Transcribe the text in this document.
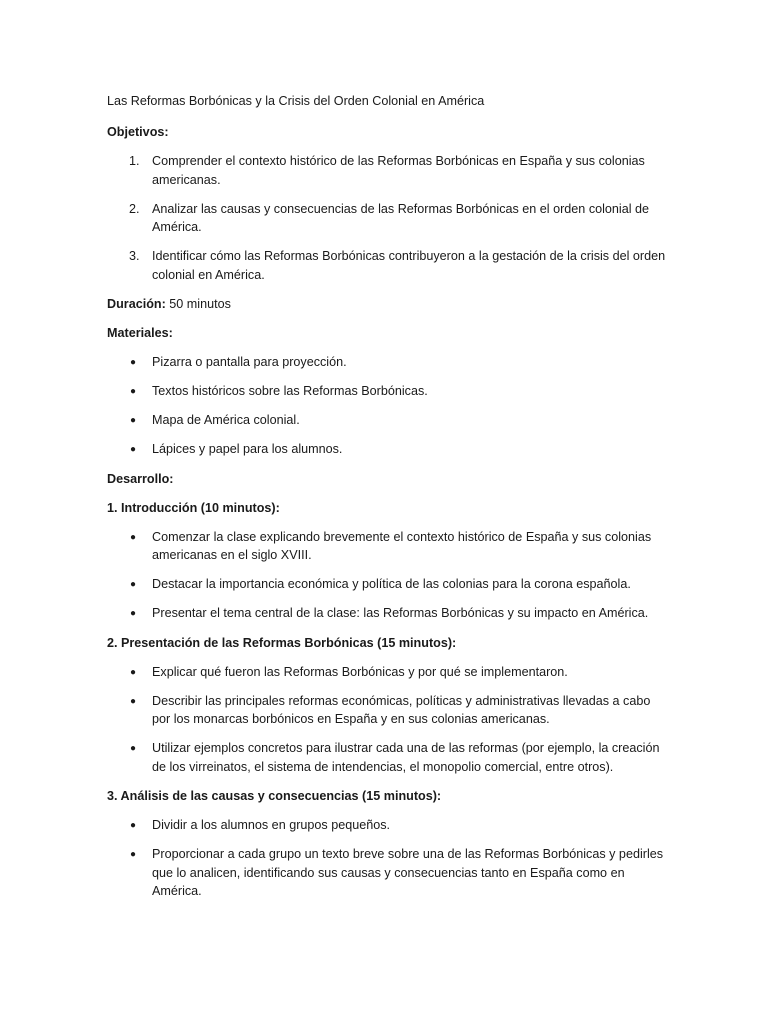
Las Reformas Borbónicas y la Crisis del Orden Colonial en América
Objetivos:
1. Comprender el contexto histórico de las Reformas Borbónicas en España y sus colonias americanas.
2. Analizar las causas y consecuencias de las Reformas Borbónicas en el orden colonial de América.
3. Identificar cómo las Reformas Borbónicas contribuyeron a la gestación de la crisis del orden colonial en América.
Duración: 50 minutos
Materiales:
● Pizarra o pantalla para proyección.
● Textos históricos sobre las Reformas Borbónicas.
● Mapa de América colonial.
● Lápices y papel para los alumnos.
Desarrollo:
1. Introducción (10 minutos):
● Comenzar la clase explicando brevemente el contexto histórico de España y sus colonias americanas en el siglo XVIII.
● Destacar la importancia económica y política de las colonias para la corona española.
● Presentar el tema central de la clase: las Reformas Borbónicas y su impacto en América.
2. Presentación de las Reformas Borbónicas (15 minutos):
● Explicar qué fueron las Reformas Borbónicas y por qué se implementaron.
● Describir las principales reformas económicas, políticas y administrativas llevadas a cabo por los monarcas borbónicos en España y en sus colonias americanas.
● Utilizar ejemplos concretos para ilustrar cada una de las reformas (por ejemplo, la creación de los virreinatos, el sistema de intendencias, el monopolio comercial, entre otros).
3. Análisis de las causas y consecuencias (15 minutos):
● Dividir a los alumnos en grupos pequeños.
● Proporcionar a cada grupo un texto breve sobre una de las Reformas Borbónicas y pedirles que lo analicen, identificando sus causas y consecuencias tanto en España como en América.
